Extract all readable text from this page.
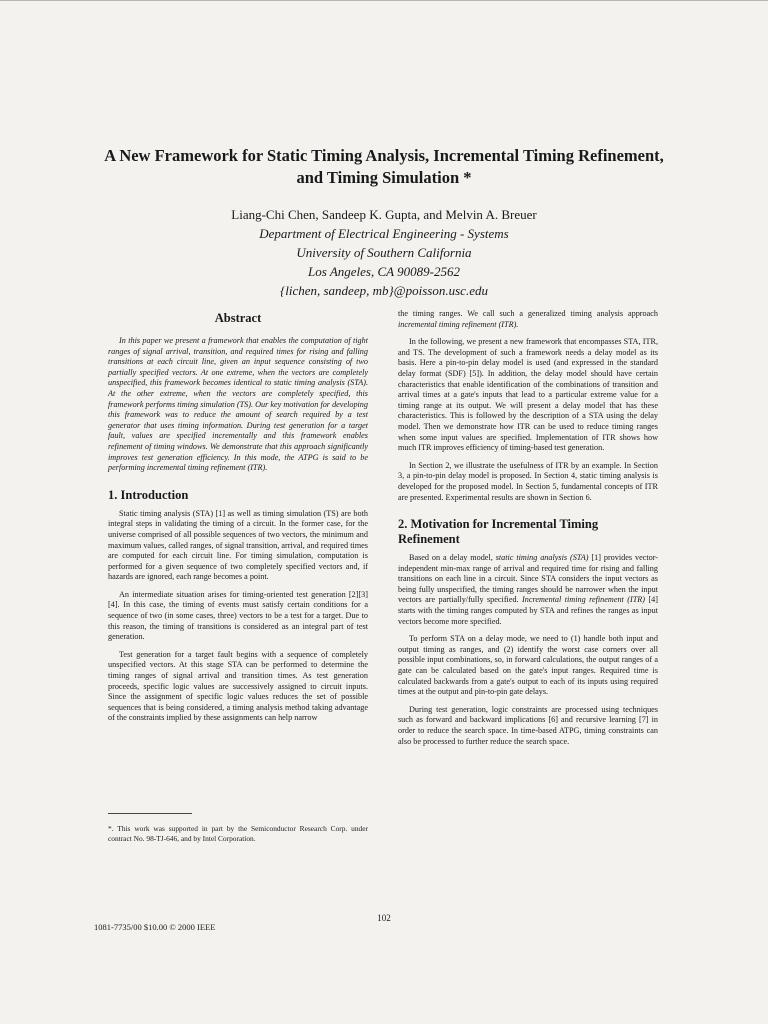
A New Framework for Static Timing Analysis, Incremental Timing Refinement,
and Timing Simulation *
Liang-Chi Chen, Sandeep K. Gupta, and Melvin A. Breuer
Department of Electrical Engineering - Systems
University of Southern California
Los Angeles, CA 90089-2562
{lichen, sandeep, mb}@poisson.usc.edu
Abstract

In this paper we present a framework that enables the computation of tight ranges of signal arrival, transition, and required times for rising and falling transitions at each circuit line, given an input sequence consisting of two partially specified vectors. At one extreme, when the vectors are completely unspecified, this framework becomes identical to static timing analysis (STA). At the other extreme, when the vectors are completely specified, this framework performs timing simulation (TS). Our key motivation for developing this framework was to reduce the amount of search required by a test generator that uses timing information. During test generation for a target fault, values are specified incrementally and this framework enables refinement of timing windows. We demonstrate that this approach significantly improves test generation efficiency. In this mode, the ATPG is said to be performing incremental timing refinement (ITR).

1. Introduction

Static timing analysis (STA) [1] as well as timing simulation (TS) are both integral steps in validating the timing of a circuit. In the former case, for the universe comprised of all possible sequences of two vectors, the minimum and maximum values, called ranges, of signal transition, arrival, and required times are computed for each circuit line. For timing simulation, computation is performed for a given sequence of two completely specified vectors and, if hazards are ignored, each range becomes a point.

An intermediate situation arises for timing-oriented test generation [2][3][4]. In this case, the timing of events must satisfy certain conditions for a sequence of two (in some cases, three) vectors to be a test for a target. Due to this reason, the timing of transitions is considered as an integral part of test generation.

Test generation for a target fault begins with a sequence of completely unspecified vectors. At this stage STA can be performed to determine the timing ranges of signal arrival and transition times. As test generation proceeds, specific logic values are successively assigned to circuit inputs. Since the assignment of specific logic values reduces the set of possible sequences that is being considered, a timing analysis method taking advantage of the constraints implied by these assignments can help narrow

the timing ranges. We call such a generalized timing analysis approach incremental timing refinement (ITR).

In the following, we present a new framework that encompasses STA, ITR, and TS. The development of such a framework needs a delay model as its basis. Here a pin-to-pin delay model is used (and expressed in the standard delay format (SDF) [5]). In addition, the delay model should have certain characteristics that enable identification of the combinations of transition and arrival times at a gate's inputs that lead to a particular extreme value for a timing range at its output. We will present a delay model that has these characteristics. This is followed by the description of a STA using the delay model. Then we demonstrate how ITR can be used to reduce timing ranges when some input values are specified. Implementation of ITR shows how much ITR improves efficiency of timing-based test generation.

In Section 2, we illustrate the usefulness of ITR by an example. In Section 3, a pin-to-pin delay model is proposed. In Section 4, static timing analysis is developed for the proposed model. In Section 5, fundamental concepts of ITR are presented. Experimental results are shown in Section 6.

2. Motivation for Incremental Timing Refinement

Based on a delay model, static timing analysis (STA) [1] provides vector-independent min-max range of arrival and required time for rising and falling transitions on each line in a circuit. Since STA considers the input vectors as being fully unspecified, the timing ranges should be narrower when the input vectors are partially/fully specified. Incremental timing refinement (ITR) [4] starts with the timing ranges computed by STA and refines the ranges as input vectors become more specified.

To perform STA on a delay mode, we need to (1) handle both input and output timing as ranges, and (2) identify the worst case corners over all possible input combinations, so, in forward calculations, the output ranges of a gate can be calculated based on the gate's input ranges. Required time is calculated backwards from a gate's output to each of its inputs using required times at the output and pin-to-pin gate delays.

During test generation, logic constraints are processed using techniques such as forward and backward implications [6] and recursive learning [7] in order to reduce the search space. In time-based ATPG, timing constraints can also be processed to further reduce the search space.

*. This work was supported in part by the Semiconductor Research Corp. under contract No. 98-TJ-646, and by Intel Corporation.
102
1081-7735/00 $10.00 © 2000 IEEE
